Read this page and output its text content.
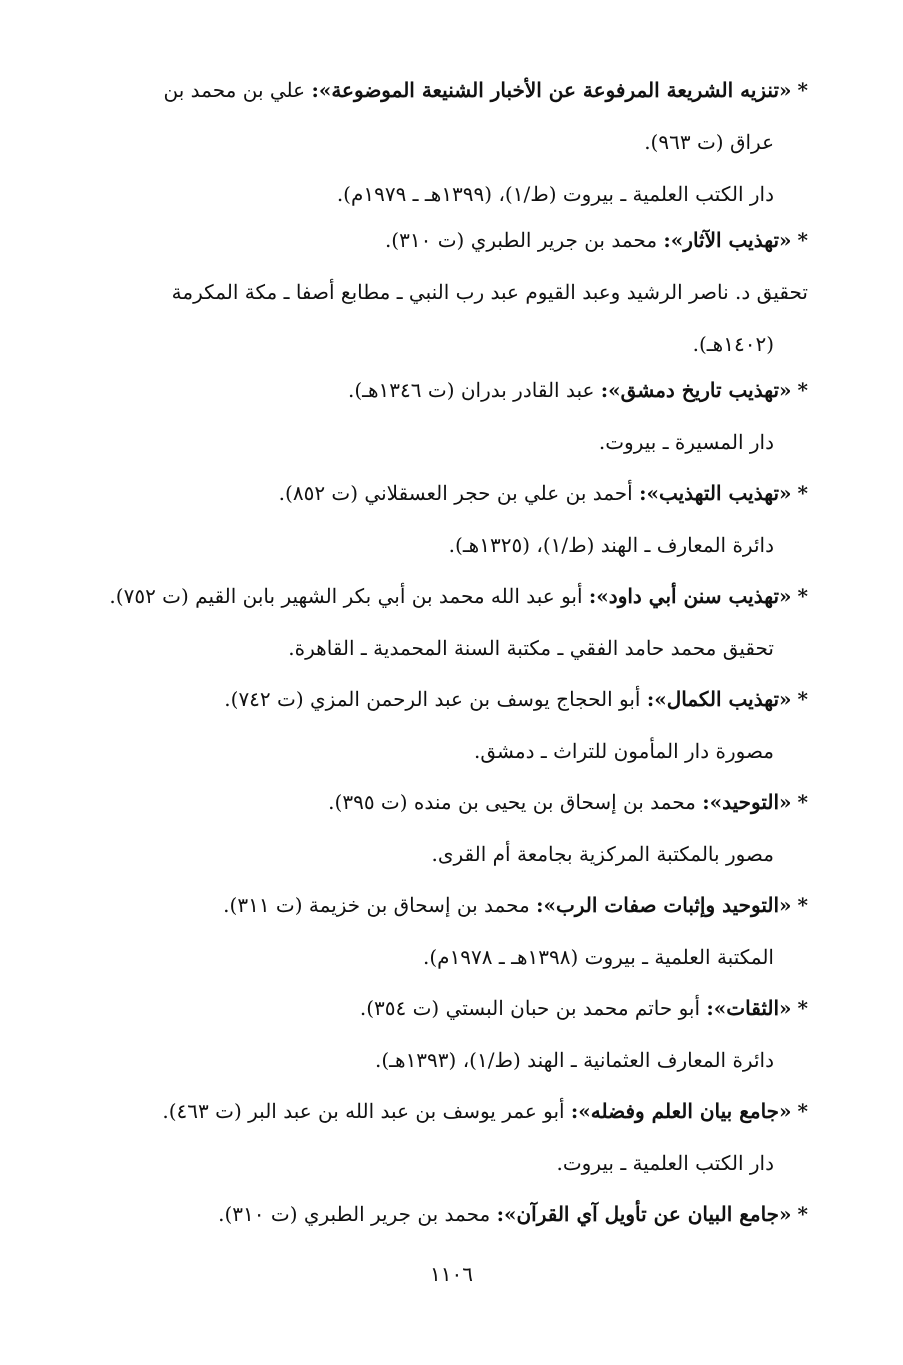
*«تنزيه الشريعة المرفوعة عن الأخبار الشنيعة الموضوعة»: علي بن محمد بن
عراق (ت ٩٦٣).
دار الكتب العلمية ـ بيروت (ط/١)، (١٣٩٩هـ ـ ١٩٧٩م).
*«تهذيب الآثار»: محمد بن جرير الطبري (ت ٣١٠).
تحقيق د. ناصر الرشيد وعبد القيوم عبد رب النبي ـ مطابع أصفا ـ مكة المكرمة
(١٤٠٢هـ).
*«تهذيب تاريخ دمشق»: عبد القادر بدران (ت ١٣٤٦هـ).
دار المسيرة ـ بيروت.
*«تهذيب التهذيب»: أحمد بن علي بن حجر العسقلاني (ت ٨٥٢).
دائرة المعارف ـ الهند (ط/١)، (١٣٢٥هـ).
*«تهذيب سنن أبي داود»: أبو عبد الله محمد بن أبي بكر الشهير بابن القيم (ت ٧٥٢).
تحقيق محمد حامد الفقي ـ مكتبة السنة المحمدية ـ القاهرة.
*«تهذيب الكمال»: أبو الحجاج يوسف بن عبد الرحمن المزي (ت ٧٤٢).
مصورة دار المأمون للتراث ـ دمشق.
*«التوحيد»: محمد بن إسحاق بن يحيى بن منده (ت ٣٩٥).
مصور بالمكتبة المركزية بجامعة أم القرى.
*«التوحيد وإثبات صفات الرب»: محمد بن إسحاق بن خزيمة (ت ٣١١).
المكتبة العلمية ـ بيروت (١٣٩٨هـ ـ ١٩٧٨م).
*«الثقات»: أبو حاتم محمد بن حبان البستي (ت ٣٥٤).
دائرة المعارف العثمانية ـ الهند (ط/١)، (١٣٩٣هـ).
*«جامع بيان العلم وفضله»: أبو عمر يوسف بن عبد الله بن عبد البر (ت ٤٦٣).
دار الكتب العلمية ـ بيروت.
*«جامع البيان عن تأويل آي القرآن»: محمد بن جرير الطبري (ت ٣١٠).
١١٠٦
